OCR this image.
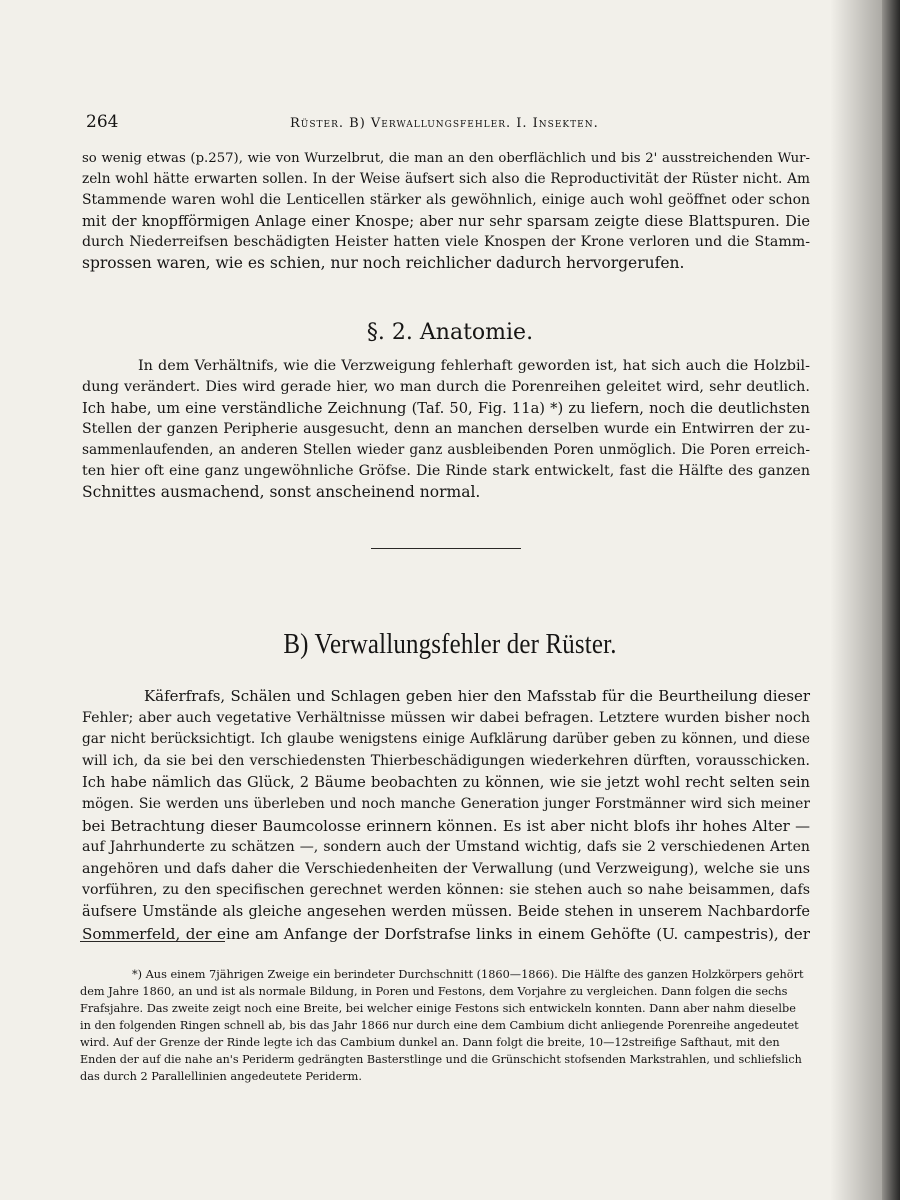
264	Rüster. B) Verwallungsfehler. I. Insekten.
so wenig etwas (p.257), wie von Wurzelbrut, die man an den oberflächlich und bis 2' ausstreichenden Wur-
zeln wohl hätte erwarten sollen. In der Weise äufsert sich also die Reproductivität der Rüster nicht. Am
Stammende waren wohl die Lenticellen stärker als gewöhnlich, einige auch wohl geöffnet oder schon
mit der knopfförmigen Anlage einer Knospe; aber nur sehr sparsam zeigte diese Blattspuren. Die
durch Niederreifsen beschädigten Heister hatten viele Knospen der Krone verloren und die Stamm-
sprossen waren, wie es schien, nur noch reichlicher dadurch hervorgerufen.
§. 2. Anatomie.
In dem Verhältnifs, wie die Verzweigung fehlerhaft geworden ist, hat sich auch die Holzbil-
dung verändert. Dies wird gerade hier, wo man durch die Porenreihen geleitet wird, sehr deutlich.
Ich habe, um eine verständliche Zeichnung (Taf. 50, Fig. 11a) *) zu liefern, noch die deutlichsten
Stellen der ganzen Peripherie ausgesucht, denn an manchen derselben wurde ein Entwirren der zu-
sammenlaufenden, an anderen Stellen wieder ganz ausbleibenden Poren unmöglich. Die Poren erreich-
ten hier oft eine ganz ungewöhnliche Gröfse. Die Rinde stark entwickelt, fast die Hälfte des ganzen
Schnittes ausmachend, sonst anscheinend normal.
B) Verwallungsfehler der Rüster.
Käferfrafs, Schälen und Schlagen geben hier den Mafsstab für die Beurtheilung dieser
Fehler; aber auch vegetative Verhältnisse müssen wir dabei befragen. Letztere wurden bisher noch
gar nicht berücksichtigt. Ich glaube wenigstens einige Aufklärung darüber geben zu können, und diese
will ich, da sie bei den verschiedensten Thierbeschädigungen wiederkehren dürften, vorausschicken.
Ich habe nämlich das Glück, 2 Bäume beobachten zu können, wie sie jetzt wohl recht selten sein
mögen. Sie werden uns überleben und noch manche Generation junger Forstmänner wird sich meiner
bei Betrachtung dieser Baumcolosse erinnern können. Es ist aber nicht blofs ihr hohes Alter —
auf Jahrhunderte zu schätzen —, sondern auch der Umstand wichtig, dafs sie 2 verschiedenen Arten
angehören und dafs daher die Verschiedenheiten der Verwallung (und Verzweigung), welche sie uns
vorführen, zu den specifischen gerechnet werden können: sie stehen auch so nahe beisammen, dafs
äufsere Umstände als gleiche angesehen werden müssen. Beide stehen in unserem Nachbardorfe
Sommerfeld, der eine am Anfange der Dorfstrafse links in einem Gehöfte (U. campestris), der
*) Aus einem 7jährigen Zweige ein berindeter Durchschnitt (1860—1866). Die Hälfte des ganzen Holzkörpers gehört
dem Jahre 1860, an und ist als normale Bildung, in Poren und Festons, dem Vorjahre zu vergleichen. Dann folgen die sechs
Frafsjahre. Das zweite zeigt noch eine Breite, bei welcher einige Festons sich entwickeln konnten. Dann aber nahm dieselbe
in den folgenden Ringen schnell ab, bis das Jahr 1866 nur durch eine dem Cambium dicht anliegende Porenreihe angedeutet
wird. Auf der Grenze der Rinde legte ich das Cambium dunkel an. Dann folgt die breite, 10—12streifige Safthaut, mit den
Enden der auf die nahe an's Periderm gedrängten Basterstlinge und die Grünschicht stofsenden Markstrahlen, und schliefslich
das durch 2 Parallellinien angedeutete Periderm.
